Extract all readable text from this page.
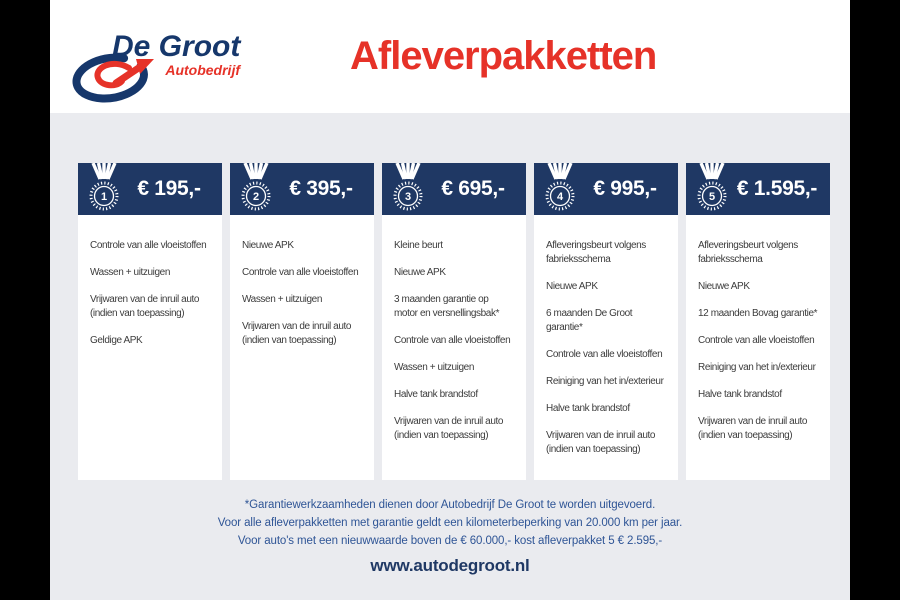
De Groot
Autobedrijf	Afleverpakketten
1	€ 195,-
Controle van alle vloeistoffen
Wassen + uitzuigen
Vrijwaren van de inruil auto (indien van toepassing)
Geldige APK
2	€ 395,-
Nieuwe APK
Controle van alle vloeistoffen
Wassen + uitzuigen
Vrijwaren van de inruil auto (indien van toepassing)
3	€ 695,-
Kleine beurt
Nieuwe APK
3 maanden garantie op motor en versnellingsbak*
Controle van alle vloeistoffen
Wassen + uitzuigen
Halve tank brandstof
Vrijwaren van de inruil auto (indien van toepassing)
4	€ 995,-
Afleveringsbeurt volgens fabrieksschema
Nieuwe APK
6 maanden De Groot garantie*
Controle van alle vloeistoffen
Reiniging van het in/exterieur
Halve tank brandstof
Vrijwaren van de inruil auto (indien van toepassing)
5	€ 1.595,-
Afleveringsbeurt volgens fabrieksschema
Nieuwe APK
12 maanden Bovag garantie*
Controle van alle vloeistoffen
Reiniging van het in/exterieur
Halve tank brandstof
Vrijwaren van de inruil auto (indien van toepassing)
*Garantiewerkzaamheden dienen door Autobedrijf De Groot te worden uitgevoerd.
Voor alle afleverpakketten met garantie geldt een kilometerbeperking van 20.000 km per jaar.
Voor auto's met een nieuwwaarde boven de € 60.000,- kost afleverpakket 5 € 2.595,-
www.autodegroot.nl
